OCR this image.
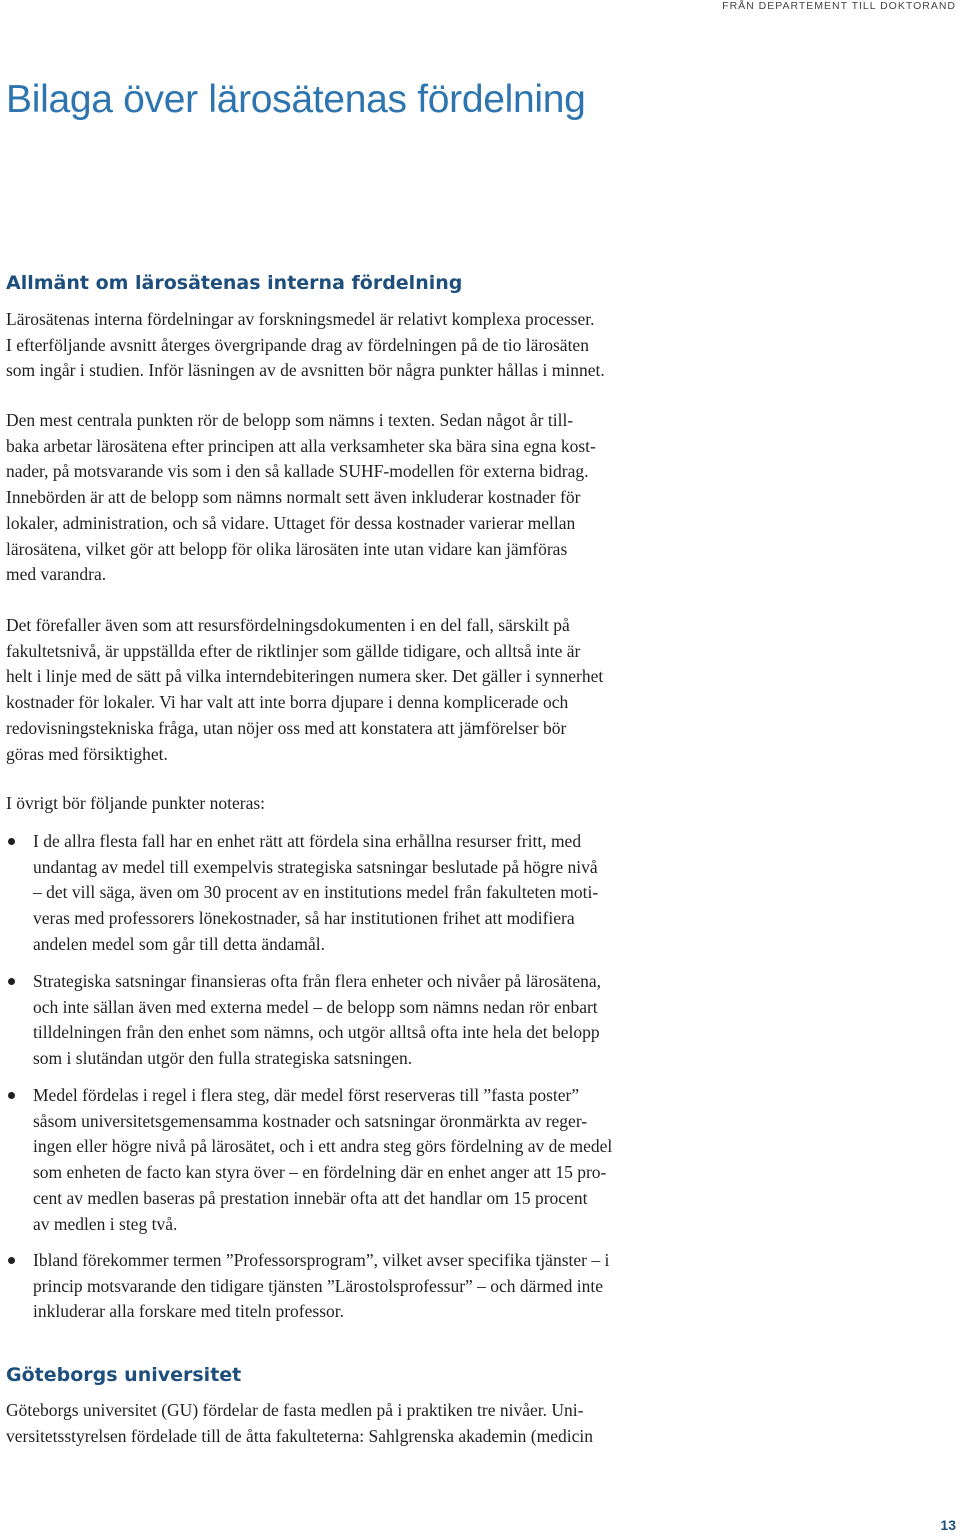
FRÅN DEPARTEMENT TILL DOKTORAND
Bilaga över lärosätenas fördelning
Allmänt om lärosätenas interna fördelning

Lärosätenas interna fördelningar av forskningsmedel är relativt komplexa processer.
I efterföljande avsnitt återges övergripande drag av fördelningen på de tio lärosäten
som ingår i studien. Inför läsningen av de avsnitten bör några punkter hållas i minnet.

Den mest centrala punkten rör de belopp som nämns i texten. Sedan något år till-
baka arbetar lärosätena efter principen att alla verksamheter ska bära sina egna kost-
nader, på motsvarande vis som i den så kallade SUHF-modellen för externa bidrag.
Innebörden är att de belopp som nämns normalt sett även inkluderar kostnader för
lokaler, administration, och så vidare. Uttaget för dessa kostnader varierar mellan
lärosätena, vilket gör att belopp för olika lärosäten inte utan vidare kan jämföras
med varandra.

Det förefaller även som att resursfördelningsdokumenten i en del fall, särskilt på
fakultetsnivå, är uppställda efter de riktlinjer som gällde tidigare, och alltså inte är
helt i linje med de sätt på vilka interndebiteringen numera sker. Det gäller i synnerhet
kostnader för lokaler. Vi har valt att inte borra djupare i denna komplicerade och
redovisningstekniska fråga, utan nöjer oss med att konstatera att jämförelser bör
göras med försiktighet.

I övrigt bör följande punkter noteras:

I de allra flesta fall har en enhet rätt att fördela sina erhållna resurser fritt, med
undantag av medel till exempelvis strategiska satsningar beslutade på högre nivå
– det vill säga, även om 30 procent av en institutions medel från fakulteten moti-
veras med professorers lönekostnader, så har institutionen frihet att modifiera
andelen medel som går till detta ändamål.
Strategiska satsningar finansieras ofta från flera enheter och nivåer på lärosätena,
och inte sällan även med externa medel – de belopp som nämns nedan rör enbart
tilldelningen från den enhet som nämns, och utgör alltså ofta inte hela det belopp
som i slutändan utgör den fulla strategiska satsningen.
Medel fördelas i regel i flera steg, där medel först reserveras till ”fasta poster”
såsom universitetsgemensamma kostnader och satsningar öronmärkta av reger-
ingen eller högre nivå på lärosätet, och i ett andra steg görs fördelning av de medel
som enheten de facto kan styra över – en fördelning där en enhet anger att 15 pro-
cent av medlen baseras på prestation innebär ofta att det handlar om 15 procent
av medlen i steg två.
Ibland förekommer termen ”Professorsprogram”, vilket avser specifika tjänster – i
princip motsvarande den tidigare tjänsten ”Lärostolsprofessur” – och därmed inte
inkluderar alla forskare med titeln professor.
Göteborgs universitet

Göteborgs universitet (GU) fördelar de fasta medlen på i praktiken tre nivåer. Uni-
versitetsstyrelsen fördelade till de åtta fakulteterna: Sahlgrenska akademin (medicin

13
